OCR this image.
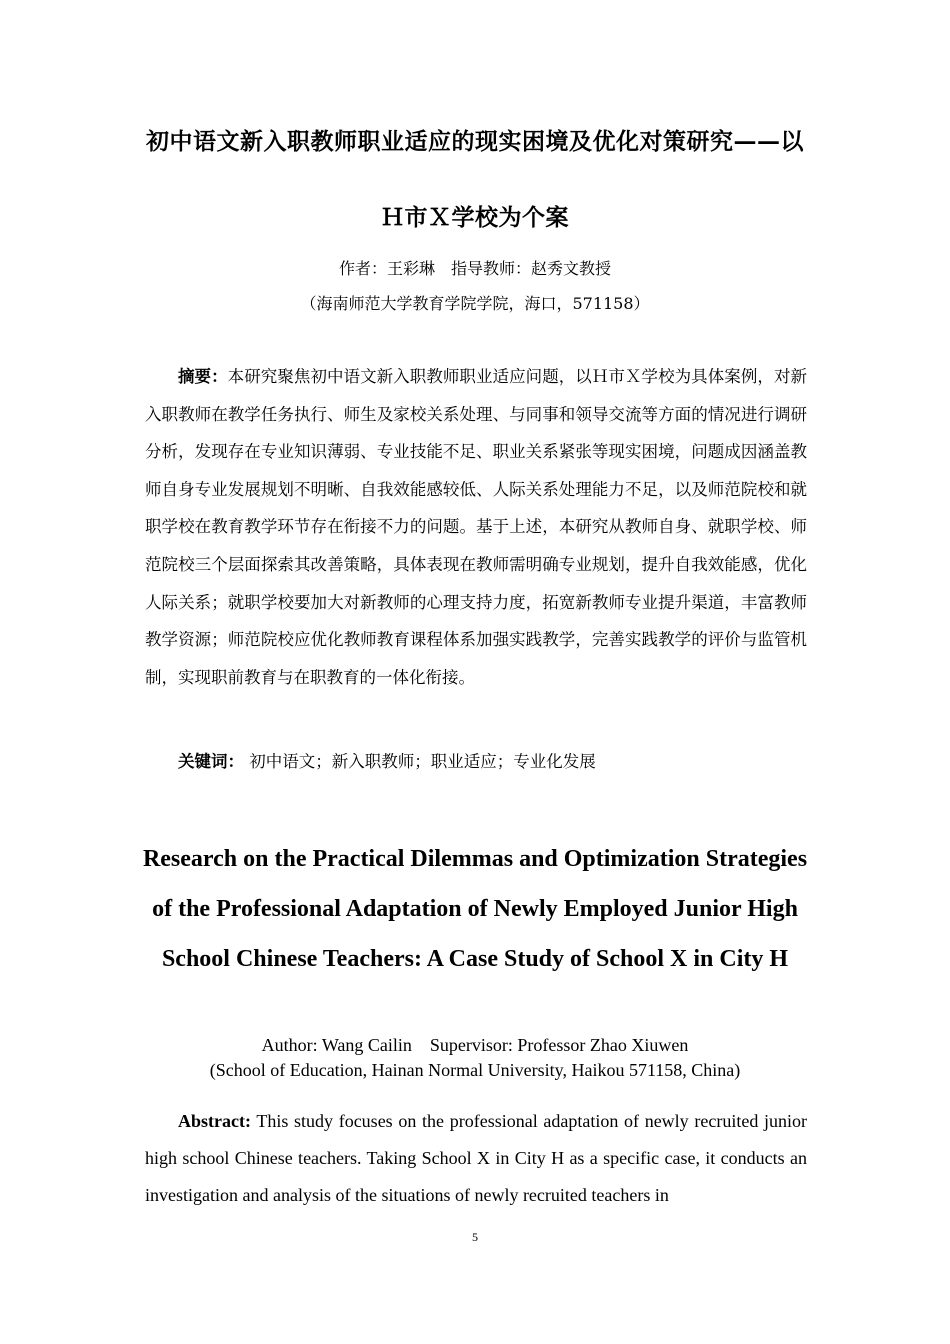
初中语文新入职教师职业适应的现实困境及优化对策研究——以Ｈ市Ｘ学校为个案
作者：王彩琳　指导教师：赵秀文教授
（海南师范大学教育学院学院，海口，571158）

摘要：本研究聚焦初中语文新入职教师职业适应问题，以Ｈ市Ｘ学校为具体案例，对新入职教师在教学任务执行、师生及家校关系处理、与同事和领导交流等方面的情况进行调研分析，发现存在专业知识薄弱、专业技能不足、职业关系紧张等现实困境，问题成因涵盖教师自身专业发展规划不明晰、自我效能感较低、人际关系处理能力不足，以及师范院校和就职学校在教育教学环节存在衔接不力的问题。基于上述，本研究从教师自身、就职学校、师范院校三个层面探索其改善策略，具体表现在教师需明确专业规划，提升自我效能感，优化人际关系；就职学校要加大对新教师的心理支持力度，拓宽新教师专业提升渠道，丰富教师教学资源；师范院校应优化教师教育课程体系加强实践教学，完善实践教学的评价与监管机制，实现职前教育与在职教育的一体化衔接。

关键词： 初中语文；新入职教师；职业适应；专业化发展

Research on the Practical Dilemmas and Optimization Strategies of the Professional Adaptation of Newly Employed Junior High School Chinese Teachers: A Case Study of School X in City H
Author: Wang Cailin    Supervisor: Professor Zhao Xiuwen
(School of Education, Hainan Normal University, Haikou 571158, China)

Abstract: This study focuses on the professional adaptation of newly recruited junior high school Chinese teachers. Taking School X in City H as a specific case, it conducts an investigation and analysis of the situations of newly recruited teachers in

5
